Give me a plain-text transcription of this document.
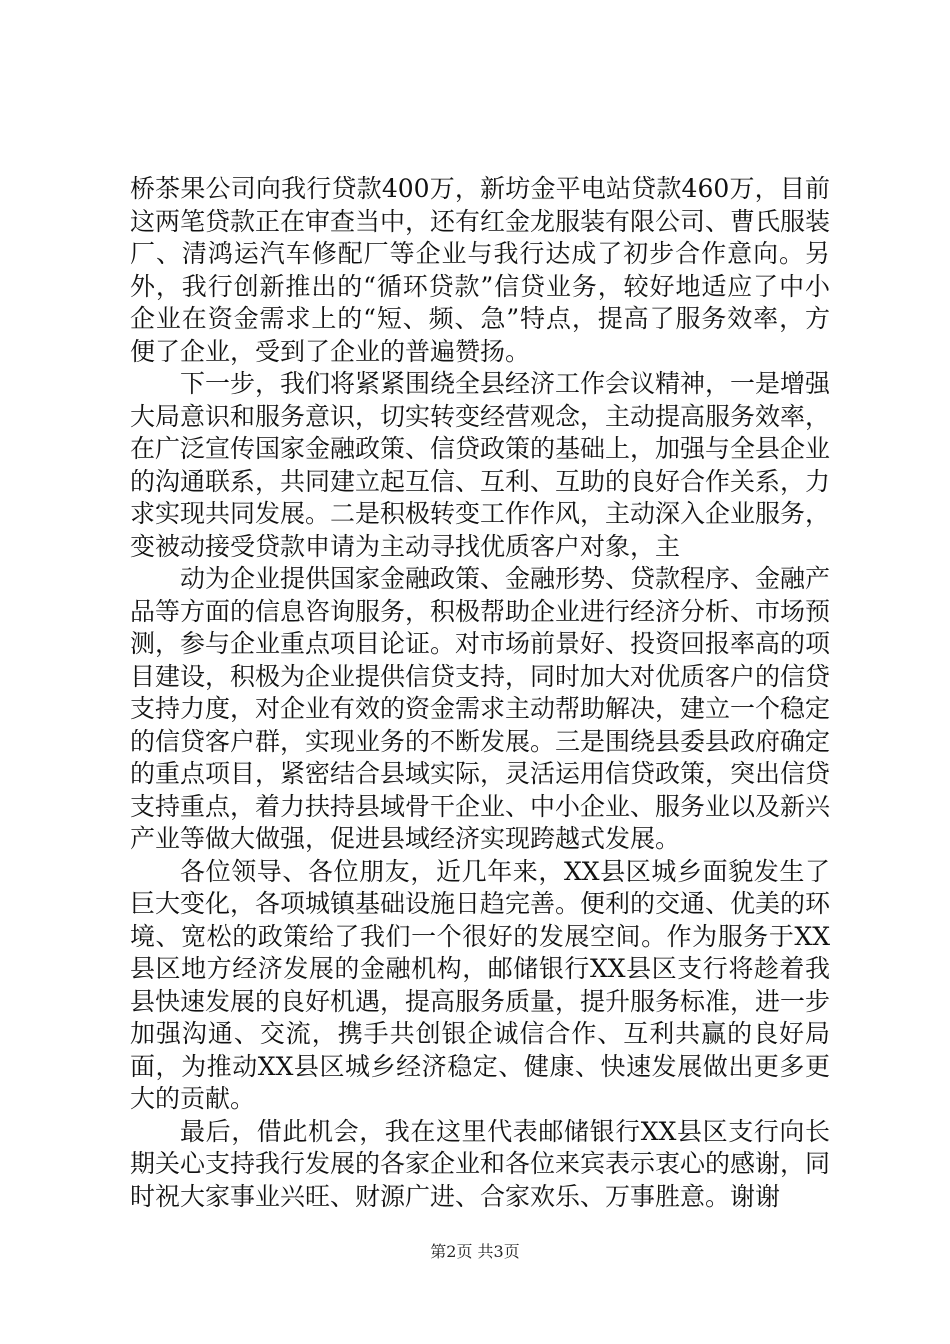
桥茶果公司向我行贷款400万，新坊金平电站贷款460万，目前这两笔贷款正在审查当中，还有红金龙服装有限公司、曹氏服装厂、清鸿运汽车修配厂等企业与我行达成了初步合作意向。另外，我行创新推出的“循环贷款”信贷业务，较好地适应了中小企业在资金需求上的“短、频、急”特点，提高了服务效率，方便了企业，受到了企业的普遍赞扬。

下一步，我们将紧紧围绕全县经济工作会议精神，一是增强大局意识和服务意识，切实转变经营观念，主动提高服务效率，在广泛宣传国家金融政策、信贷政策的基础上，加强与全县企业的沟通联系，共同建立起互信、互利、互助的良好合作关系，力求实现共同发展。二是积极转变工作作风，主动深入企业服务，变被动接受贷款申请为主动寻找优质客户对象，主

动为企业提供国家金融政策、金融形势、贷款程序、金融产品等方面的信息咨询服务，积极帮助企业进行经济分析、市场预测，参与企业重点项目论证。对市场前景好、投资回报率高的项目建设，积极为企业提供信贷支持，同时加大对优质客户的信贷支持力度，对企业有效的资金需求主动帮助解决，建立一个稳定的信贷客户群，实现业务的不断发展。三是围绕县委县政府确定的重点项目，紧密结合县域实际，灵活运用信贷政策，突出信贷支持重点，着力扶持县域骨干企业、中小企业、服务业以及新兴产业等做大做强，促进县域经济实现跨越式发展。

各位领导、各位朋友，近几年来，XX县区城乡面貌发生了巨大变化，各项城镇基础设施日趋完善。便利的交通、优美的环境、宽松的政策给了我们一个很好的发展空间。作为服务于XX县区地方经济发展的金融机构，邮储银行XX县区支行将趁着我县快速发展的良好机遇，提高服务质量，提升服务标准，进一步加强沟通、交流，携手共创银企诚信合作、互利共赢的良好局面，为推动XX县区城乡经济稳定、健康、快速发展做出更多更大的贡献。

最后，借此机会，我在这里代表邮储银行XX县区支行向长期关心支持我行发展的各家企业和各位来宾表示衷心的感谢，同时祝大家事业兴旺、财源广进、合家欢乐、万事胜意。谢谢

第2页 共3页
